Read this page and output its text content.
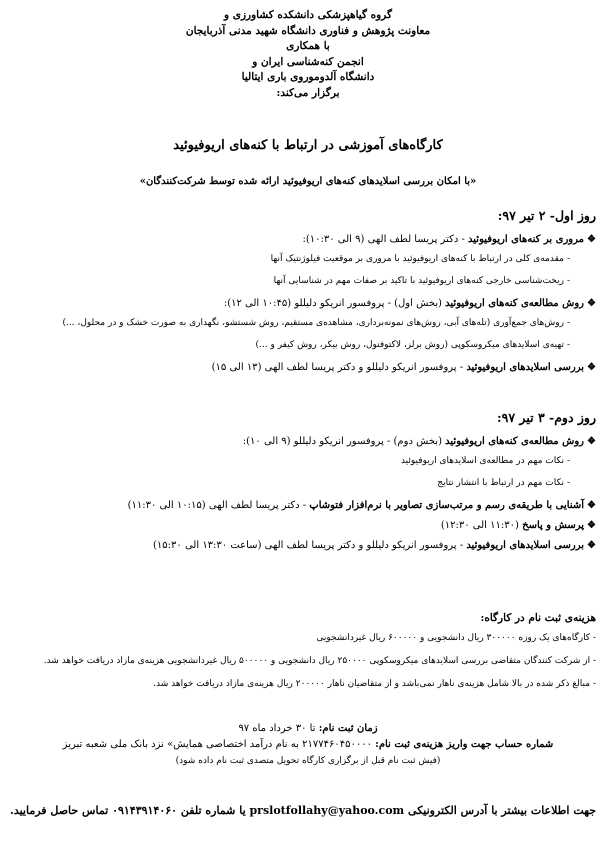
گروه گیاهپزشکی دانشکده کشاورزی و
معاونت پژوهش و فناوری دانشگاه شهید مدنی آذربایجان
با همکاری
انجمن کنه‌شناسی ایران و
دانشگاه آلدوموروی باری ایتالیا
برگزار می‌کند:
کارگاه‌های آموزشی در ارتباط با کنه‌های اریوفیوئید
«با امکان بررسی اسلایدهای کنه‌های اریوفیوئید ارائه شده توسط شرکت‌کنندگان»
روز اول- ۲ تیر ۹۷:
❖مروری بر کنه‌های اریوفیوئید - دکتر پریسا لطف الهی (۹ الی ۱۰:۳۰):
-مقدمه‌ی کلی در ارتباط با کنه‌های اریوفیوئید با مروری بر موقعیت فیلوژنتیک آنها
-ریخت‌شناسی خارجی کنه‌های اریوفیوئید با تاکید بر صفات مهم در شناسایی آنها
❖روش مطالعه‌ی کنه‌های اریوفیوئید (بخش اول) - پروفسور انریکو دلیللو (۱۰:۴۵ الی ۱۲):
-روش‌های جمع‌آوری (تله‌های آبی، روش‌های نمونه‌برداری، مشاهده‌ی مستقیم، روش شستشو، نگهداری به صورت خشک و در محلول، ...)
-تهیه‌ی اسلایدهای میکروسکوپی (روش برلز، لاکتوفنول، روش بیکر، روش کیفر و ...)
❖بررسی اسلایدهای اریوفیوئید - پروفسور انریکو دلیللو و دکتر پریسا لطف الهی (۱۳ الی ۱۵)
روز دوم- ۳ تیر ۹۷:
❖روش مطالعه‌ی کنه‌های اریوفیوئید (بخش دوم) - پروفسور انریکو دلیللو (۹ الی ۱۰):
-نکات مهم در مطالعه‌ی اسلایدهای اریوفیوئید
-نکات مهم در ارتباط با انتشار نتایج
❖آشنایی با طریقه‌ی رسم و مرتب‌سازی تصاویر با نرم‌افزار فتوشاپ - دکتر پریسا لطف الهی (۱۰:۱۵ الی ۱۱:۳۰)
❖پرسش و پاسخ (۱۱:۳۰ الی ۱۲:۳۰)
❖بررسی اسلایدهای اریوفیوئید - پروفسور انریکو دلیللو و دکتر پریسا لطف الهی (ساعت ۱۳:۳۰ الی ۱۵:۳۰)
هزینه‌ی ثبت نام در کارگاه:
- کارگاه‌های یک روزه ۳۰۰۰۰۰ ریال دانشجویی و ۶۰۰۰۰۰ ریال غیردانشجویی
- از شرکت کنندگان متقاضی بررسی اسلایدهای میکروسکوپی ۲۵۰۰۰۰ ریال دانشجویی و ۵۰۰۰۰۰ ریال غیردانشجویی هزینه‌ی مازاد دریافت خواهد شد.
- مبالغ ذکر شده در بالا شامل هزینه‌ی ناهار نمی‌باشد و از متقاضیان ناهار ۲۰۰۰۰۰ ریال هزینه‌ی مازاد دریافت خواهد شد.
زمان ثبت نام: تا ۳۰ خرداد ماه ۹۷
شماره حساب جهت واریز هزینه‌ی ثبت نام: ۲۱۷۷۴۶۰۴۵۰۰۰۰ به نام درآمد اختصاصی همایش» نزد بانک ملی شعبه تبریز
(فیش ثبت نام قبل از برگزاری کارگاه تحویل متصدی ثبت نام داده شود)
جهت اطلاعات بیشتر با آدرس الکترونیکی prslotfollahy@yahoo.com یا شماره تلفن ۰۹۱۴۳۹۱۴۰۶۰ تماس حاصل فرمایید.
